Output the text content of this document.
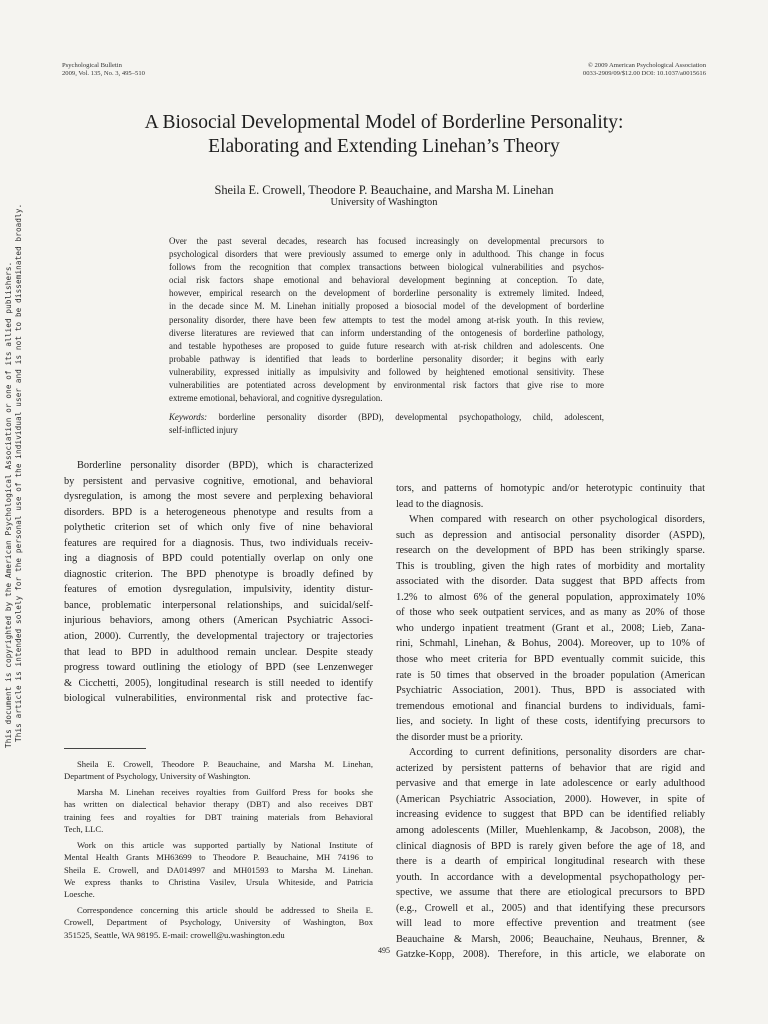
Psychological Bulletin
2009, Vol. 135, No. 3, 495–510
© 2009 American Psychological Association
0033-2909/09/$12.00 DOI: 10.1037/a0015616
A Biosocial Developmental Model of Borderline Personality:
Elaborating and Extending Linehan’s Theory
Sheila E. Crowell, Theodore P. Beauchaine, and Marsha M. Linehan
University of Washington
Over the past several decades, research has focused increasingly on developmental precursors to
psychological disorders that were previously assumed to emerge only in adulthood. This change in focus
follows from the recognition that complex transactions between biological vulnerabilities and psychos-
ocial risk factors shape emotional and behavioral development beginning at conception. To date,
however, empirical research on the development of borderline personality is extremely limited. Indeed,
in the decade since M. M. Linehan initially proposed a biosocial model of the development of borderline
personality disorder, there have been few attempts to test the model among at-risk youth. In this review,
diverse literatures are reviewed that can inform understanding of the ontogenesis of borderline pathology,
and testable hypotheses are proposed to guide future research with at-risk children and adolescents. One
probable pathway is identified that leads to borderline personality disorder; it begins with early
vulnerability, expressed initially as impulsivity and followed by heightened emotional sensitivity. These
vulnerabilities are potentiated across development by environmental risk factors that give rise to more
extreme emotional, behavioral, and cognitive dysregulation.
Keywords: borderline personality disorder (BPD), developmental psychopathology, child, adolescent,
self-inflicted injury
Borderline personality disorder (BPD), which is characterized
by persistent and pervasive cognitive, emotional, and behavioral
dysregulation, is among the most severe and perplexing behavioral
disorders. BPD is a heterogeneous phenotype and results from a
polythetic criterion set of which only five of nine behavioral
features are required for a diagnosis. Thus, two individuals receiv-
ing a diagnosis of BPD could potentially overlap on only one
diagnostic criterion. The BPD phenotype is broadly defined by
features of emotion dysregulation, impulsivity, identity distur-
bance, problematic interpersonal relationships, and suicidal/self-
injurious behaviors, among others (American Psychiatric Associ-
ation, 2000). Currently, the developmental trajectory or trajectories
that lead to BPD in adulthood remain unclear. Despite steady
progress toward outlining the etiology of BPD (see Lenzenweger
& Cicchetti, 2005), longitudinal research is still needed to identify
biological vulnerabilities, environmental risk and protective fac-
Sheila E. Crowell, Theodore P. Beauchaine, and Marsha M. Linehan,
Department of Psychology, University of Washington.
Marsha M. Linehan receives royalties from Guilford Press for books she
has written on dialectical behavior therapy (DBT) and also receives DBT
training fees and royalties for DBT training materials from Behavioral
Tech, LLC.
Work on this article was supported partially by National Institute of
Mental Health Grants MH63699 to Theodore P. Beauchaine, MH 74196 to
Sheila E. Crowell, and DA014997 and MH01593 to Marsha M. Linehan.
We express thanks to Christina Vasilev, Ursula Whiteside, and Patricia
Loesche.
Correspondence concerning this article should be addressed to Sheila E.
Crowell, Department of Psychology, University of Washington, Box
351525, Seattle, WA 98195. E-mail: crowell@u.washington.edu
tors, and patterns of homotypic and/or heterotypic continuity that
lead to the diagnosis.
When compared with research on other psychological disorders,
such as depression and antisocial personality disorder (ASPD),
research on the development of BPD has been strikingly sparse.
This is troubling, given the high rates of morbidity and mortality
associated with the disorder. Data suggest that BPD affects from
1.2% to almost 6% of the general population, approximately 10%
of those who seek outpatient services, and as many as 20% of those
who undergo inpatient treatment (Grant et al., 2008; Lieb, Zana-
rini, Schmahl, Linehan, & Bohus, 2004). Moreover, up to 10% of
those who meet criteria for BPD eventually commit suicide, this
rate is 50 times that observed in the broader population (American
Psychiatric Association, 2001). Thus, BPD is associated with
tremendous emotional and financial burdens to individuals, fami-
lies, and society. In light of these costs, identifying precursors to
the disorder must be a priority.
According to current definitions, personality disorders are char-
acterized by persistent patterns of behavior that are rigid and
pervasive and that emerge in late adolescence or early adulthood
(American Psychiatric Association, 2000). However, in spite of
increasing evidence to suggest that BPD can be identified reliably
among adolescents (Miller, Muehlenkamp, & Jacobson, 2008), the
clinical diagnosis of BPD is rarely given before the age of 18, and
there is a dearth of empirical longitudinal research with these
youth. In accordance with a developmental psychopathology per-
spective, we assume that there are etiological precursors to BPD
(e.g., Crowell et al., 2005) and that identifying these precursors
will lead to more effective prevention and treatment (see
Beauchaine & Marsh, 2006; Beauchaine, Neuhaus, Brenner, &
Gatzke-Kopp, 2008). Therefore, in this article, we elaborate on
495
This document is copyrighted by the American Psychological Association or one of its allied publishers. This article is intended solely for the personal use of the individual user and is not to be disseminated broadly.
